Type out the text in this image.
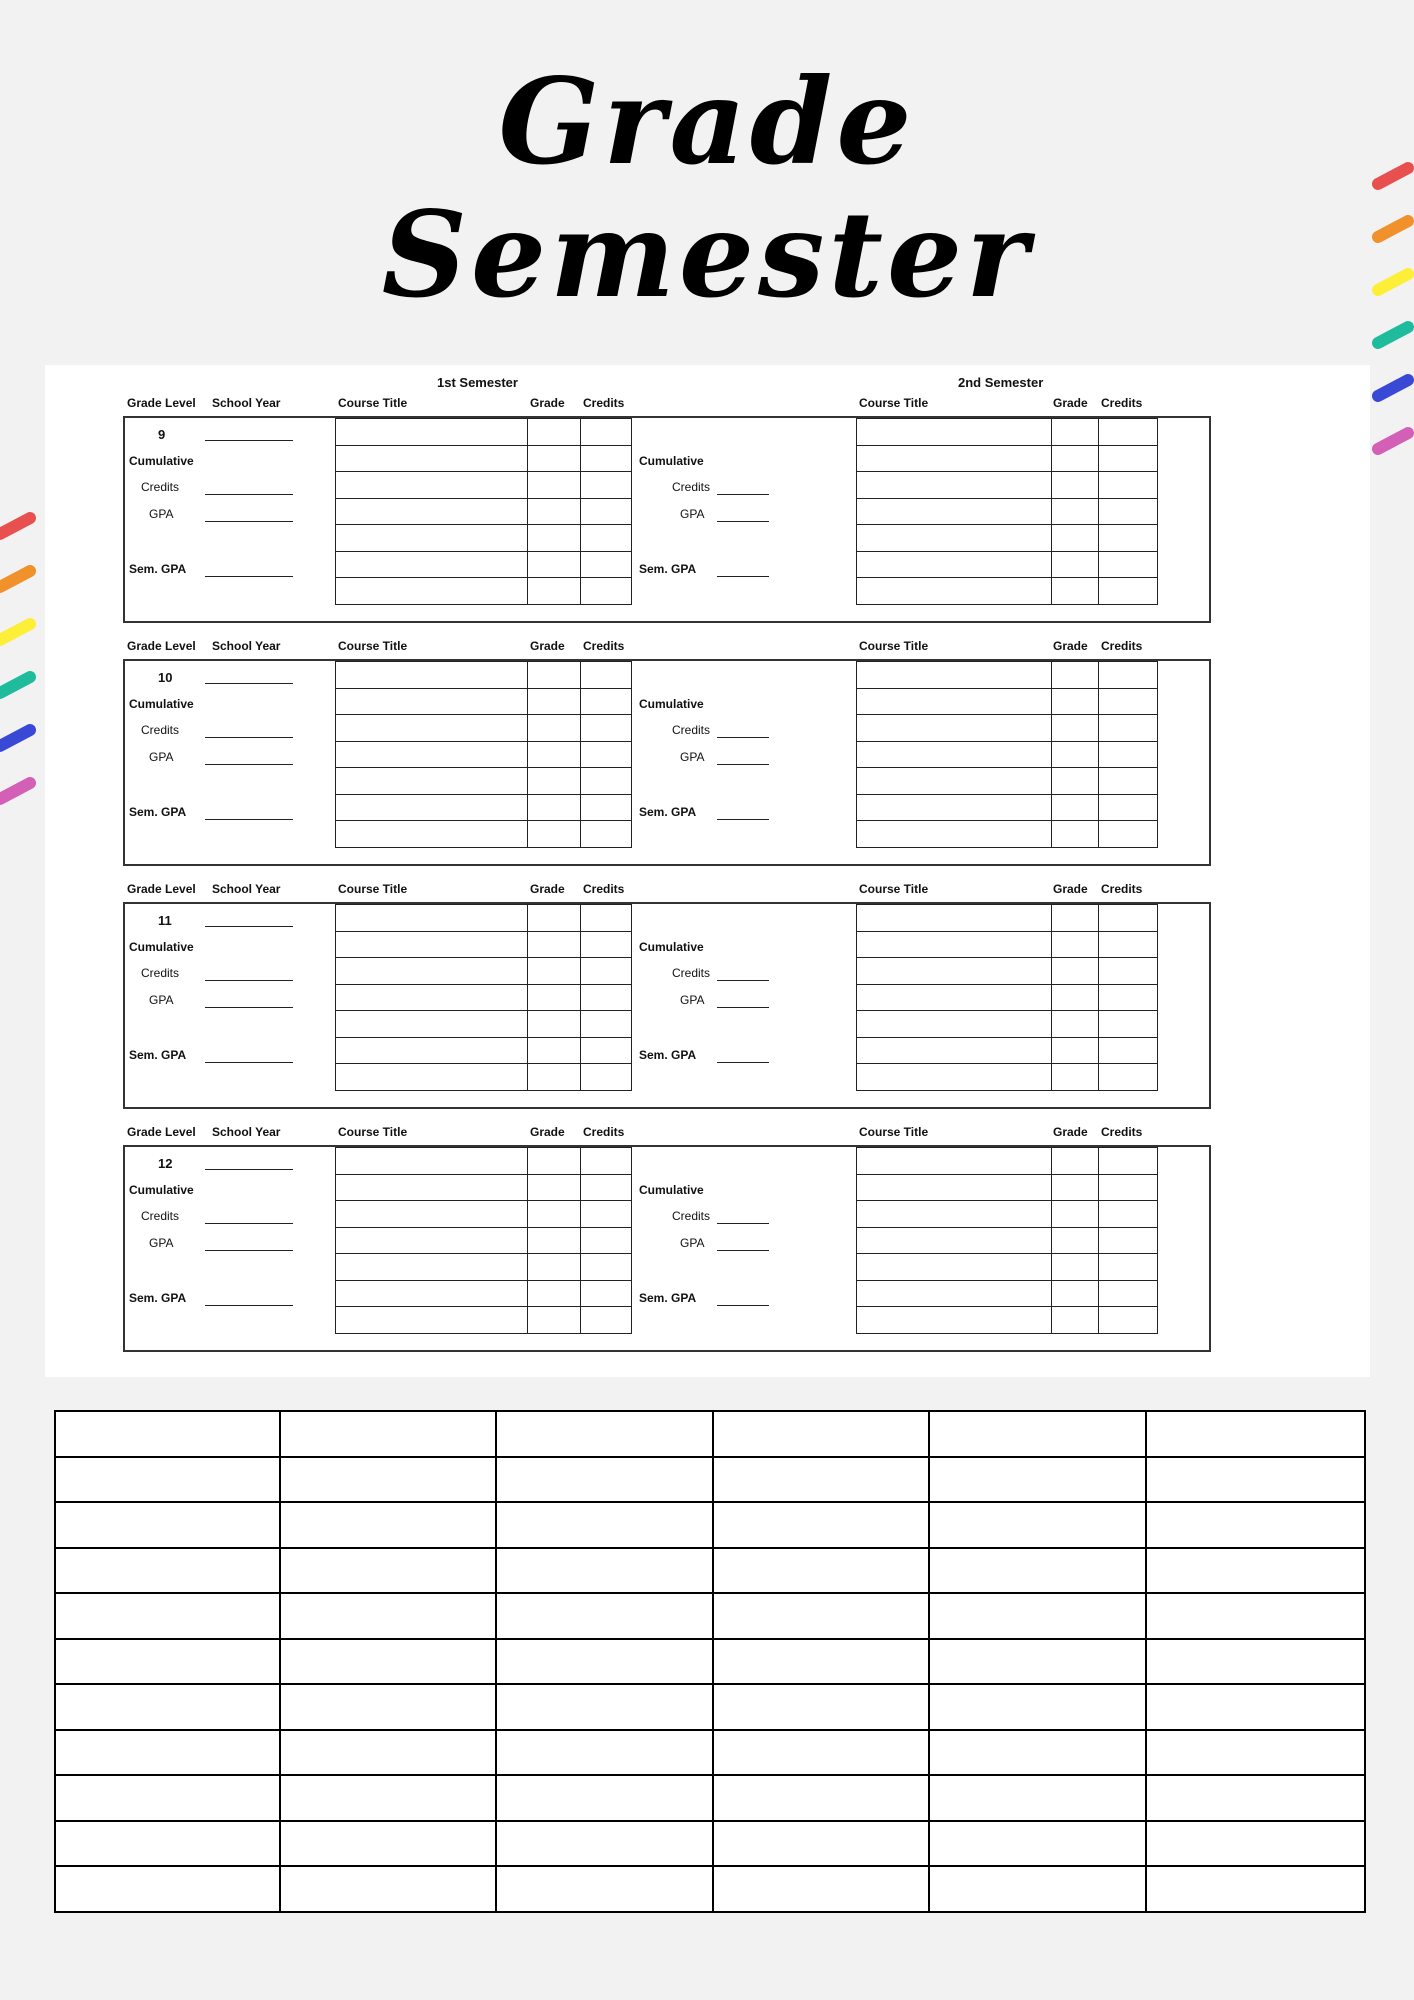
Grade
Semester
1st Semester	2nd Semester
Grade Level School Year	Course Title	Grade Credits	Course Title	Grade Credits
9
Cumulative
Credits
GPA
Sem. GPA

Cumulative
Credits
GPA
Sem. GPA

Grade Level School Year	Course Title	Grade Credits	Course Title	Grade Credits
10
Cumulative
Credits
GPA
Sem. GPA

Cumulative
Credits
GPA
Sem. GPA

Grade Level School Year	Course Title	Grade Credits	Course Title	Grade Credits
11
Cumulative
Credits
GPA
Sem. GPA

Cumulative
Credits
GPA
Sem. GPA

Grade Level School Year	Course Title	Grade Credits	Course Title	Grade Credits
12
Cumulative
Credits
GPA
Sem. GPA

Cumulative
Credits
GPA
Sem. GPA
